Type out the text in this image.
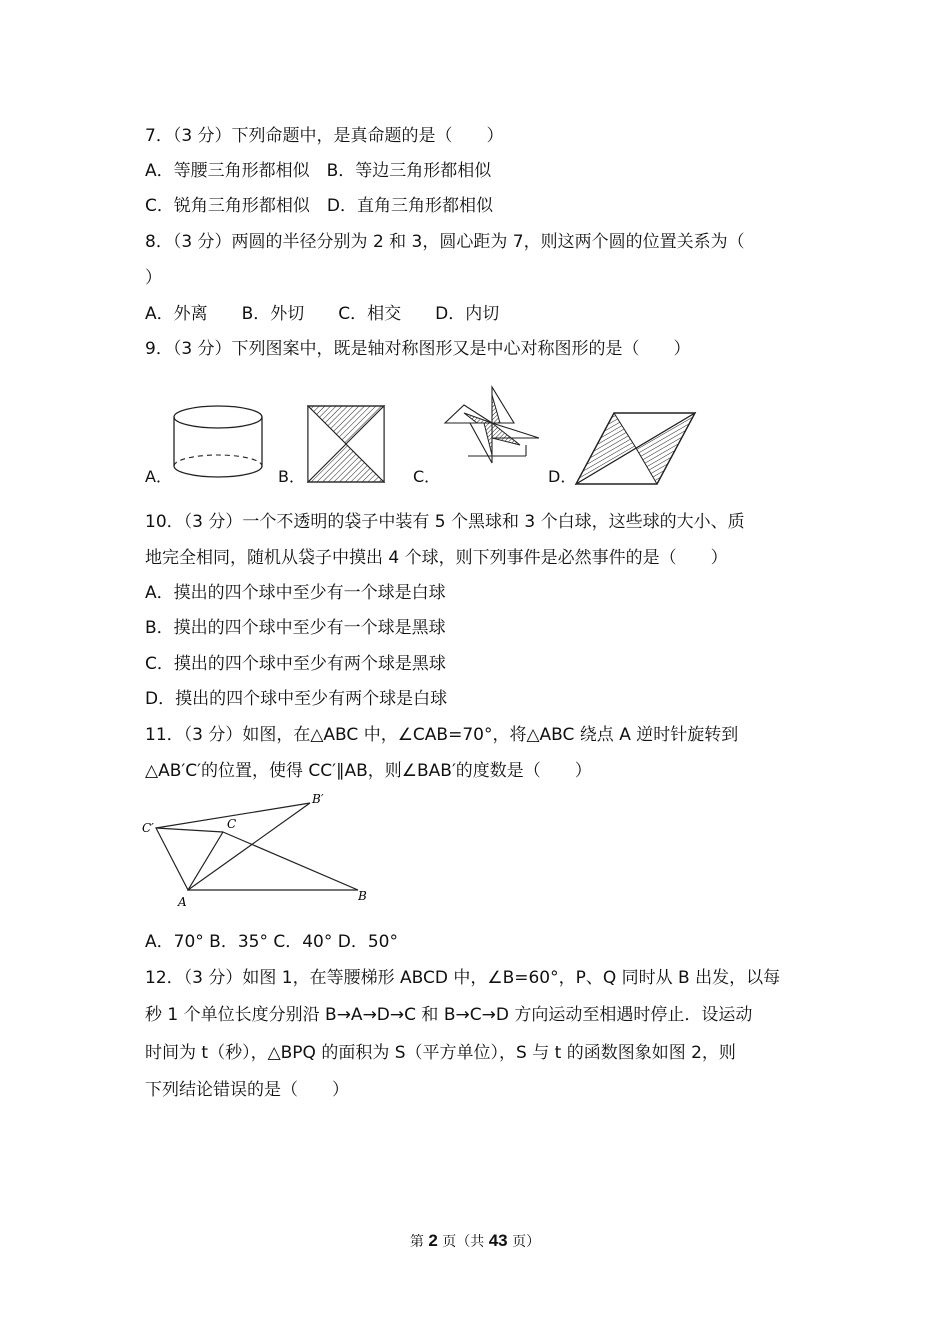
7．（3 分）下列命题中，是真命题的是（　　）
A．等腰三角形都相似　B．等边三角形都相似
C．锐角三角形都相似　D．直角三角形都相似
8．（3 分）两圆的半径分别为 2 和 3，圆心距为 7，则这两个圆的位置关系为（
）
A．外离　　B．外切　　C．相交　　D．内切
9．（3 分）下列图案中，既是轴对称图形又是中心对称图形的是（　　）
A．	B．	C．	D．
10．（3 分）一个不透明的袋子中装有 5 个黑球和 3 个白球，这些球的大小、质
地完全相同，随机从袋子中摸出 4 个球，则下列事件是必然事件的是（　　）
A．摸出的四个球中至少有一个球是白球
B．摸出的四个球中至少有一个球是黑球
C．摸出的四个球中至少有两个球是黑球
D．摸出的四个球中至少有两个球是白球
11．（3 分）如图，在△ABC 中，∠CAB=70°，将△ABC 绕点 A 逆时针旋转到
△AB′C′的位置，使得 CC′∥AB，则∠BAB′的度数是（　　）
C′	C
B′
A	B
A．70° B．35° C．40° D．50°
12．（3 分）如图 1，在等腰梯形 ABCD 中，∠B=60°，P、Q 同时从 B 出发，以每
秒 1 个单位长度分别沿 B→A→D→C 和 B→C→D 方向运动至相遇时停止．设运动
时间为 t（秒），△BPQ 的面积为 S（平方单位），S 与 t 的函数图象如图 2，则
下列结论错误的是（　　）
第 2 页（共 43 页）
